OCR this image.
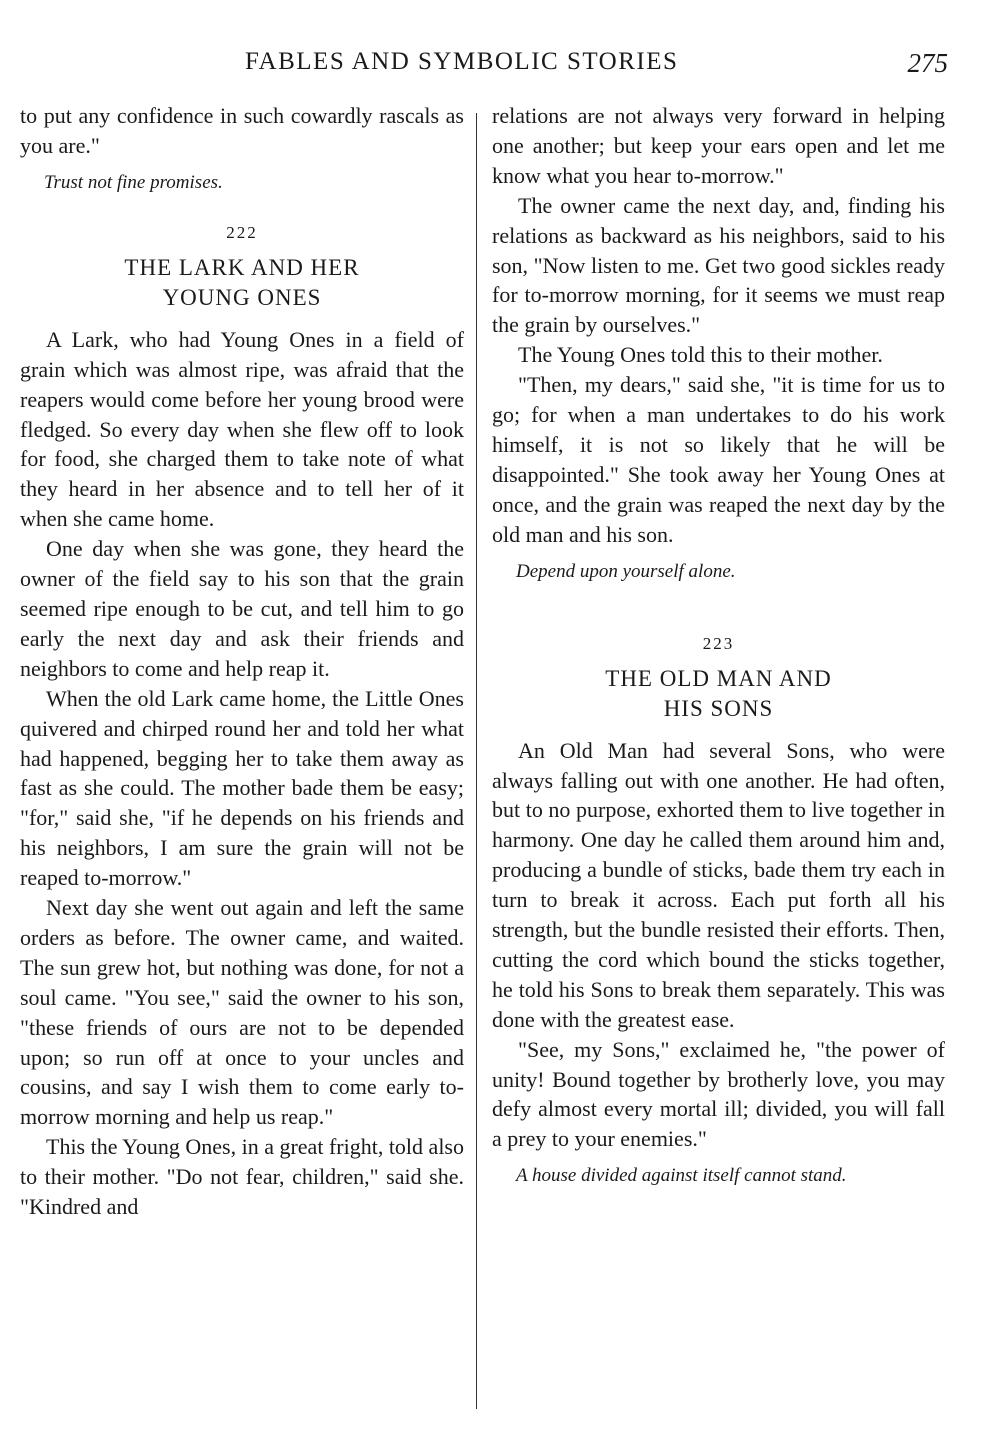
FABLES AND SYMBOLIC STORIES	275

to put any confidence in such cowardly rascals as you are."

Trust not fine promises.

222
THE LARK AND HER
YOUNG ONES

A Lark, who had Young Ones in a field of grain which was almost ripe, was afraid that the reapers would come before her young brood were fledged. So every day when she flew off to look for food, she charged them to take note of what they heard in her absence and to tell her of it when she came home.

One day when she was gone, they heard the owner of the field say to his son that the grain seemed ripe enough to be cut, and tell him to go early the next day and ask their friends and neighbors to come and help reap it.

When the old Lark came home, the Little Ones quivered and chirped round her and told her what had happened, begging her to take them away as fast as she could. The mother bade them be easy; "for," said she, "if he depends on his friends and his neighbors, I am sure the grain will not be reaped to-morrow."

Next day she went out again and left the same orders as before. The owner came, and waited. The sun grew hot, but nothing was done, for not a soul came. "You see," said the owner to his son, "these friends of ours are not to be depended upon; so run off at once to your uncles and cousins, and say I wish them to come early to-morrow morning and help us reap."

This the Young Ones, in a great fright, told also to their mother. "Do not fear, children," said she. "Kindred and

relations are not always very forward in helping one another; but keep your ears open and let me know what you hear to-morrow."

The owner came the next day, and, finding his relations as backward as his neighbors, said to his son, "Now listen to me. Get two good sickles ready for to-morrow morning, for it seems we must reap the grain by ourselves."

The Young Ones told this to their mother.

"Then, my dears," said she, "it is time for us to go; for when a man undertakes to do his work himself, it is not so likely that he will be disappointed." She took away her Young Ones at once, and the grain was reaped the next day by the old man and his son.

Depend upon yourself alone.

223
THE OLD MAN AND
HIS SONS

An Old Man had several Sons, who were always falling out with one another. He had often, but to no purpose, exhorted them to live together in harmony. One day he called them around him and, producing a bundle of sticks, bade them try each in turn to break it across. Each put forth all his strength, but the bundle resisted their efforts. Then, cutting the cord which bound the sticks together, he told his Sons to break them separately. This was done with the greatest ease.

"See, my Sons," exclaimed he, "the power of unity! Bound together by brotherly love, you may defy almost every mortal ill; divided, you will fall a prey to your enemies."

A house divided against itself cannot stand.
